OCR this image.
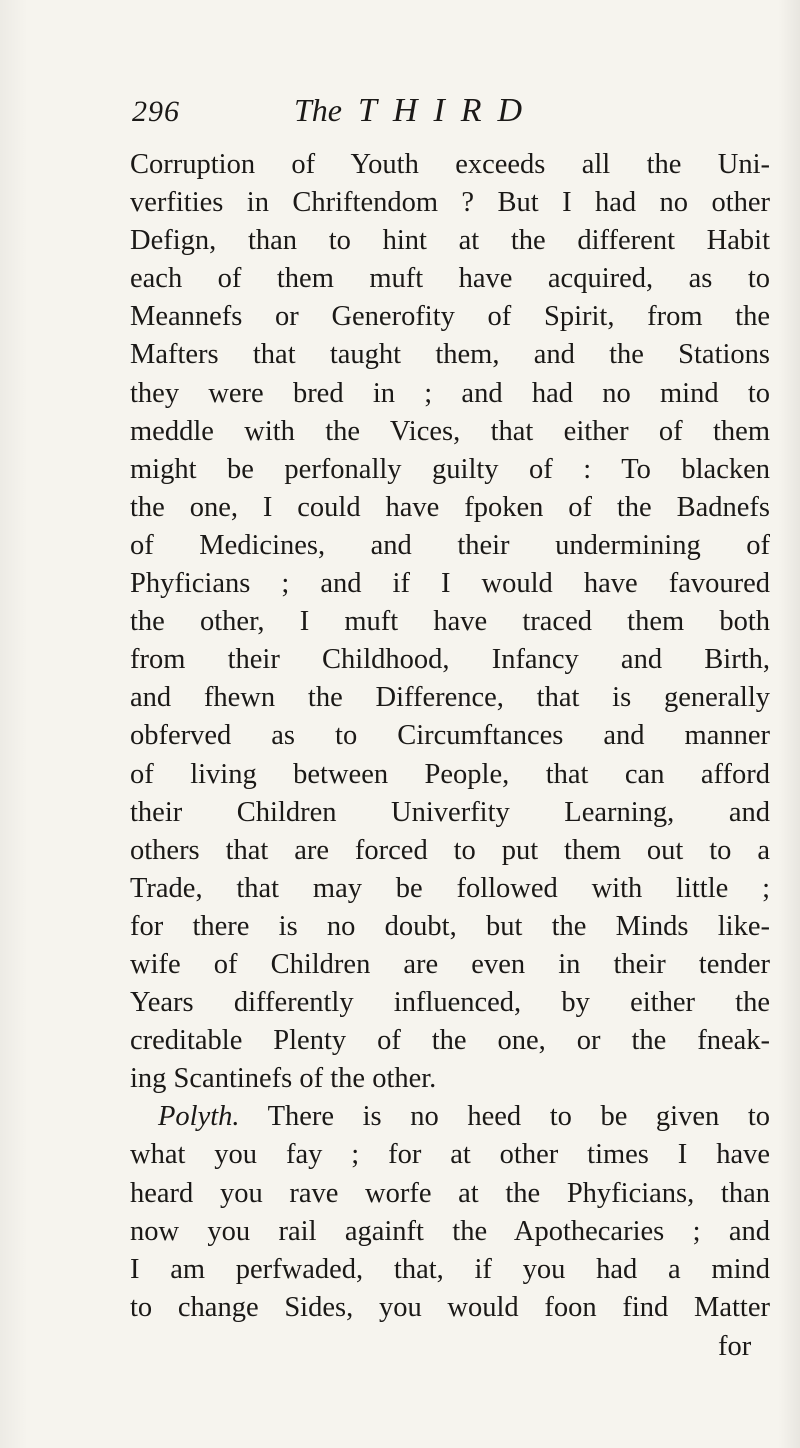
296	The THIRD
Corruption of Youth exceeds all the Uni-
verfities in Chriftendom ? But I had no other
Defign, than to hint at the different Habit
each of them muft have acquired, as to
Meannefs or Generofity of Spirit, from the
Mafters that taught them, and the Stations
they were bred in ; and had no mind to
meddle with the Vices, that either of them
might be perfonally guilty of : To blacken
the one, I could have fpoken of the Badnefs
of Medicines, and their undermining of
Phyficians ; and if I would have favoured
the other, I muft have traced them both
from their Childhood, Infancy and Birth,
and fhewn the Difference, that is generally
obferved as to Circumftances and manner
of living between People, that can afford
their Children Univerfity Learning, and
others that are forced to put them out to a
Trade, that may be followed with little ;
for there is no doubt, but the Minds like-
wife of Children are even in their tender
Years differently influenced, by either the
creditable Plenty of the one, or the fneak-
ing Scantinefs of the other.
Polyth. There is no heed to be given to
what you fay ; for at other times I have
heard you rave worfe at the Phyficians, than
now you rail againft the Apothecaries ; and
I am perfwaded, that, if you had a mind
to change Sides, you would foon find Matter
for
